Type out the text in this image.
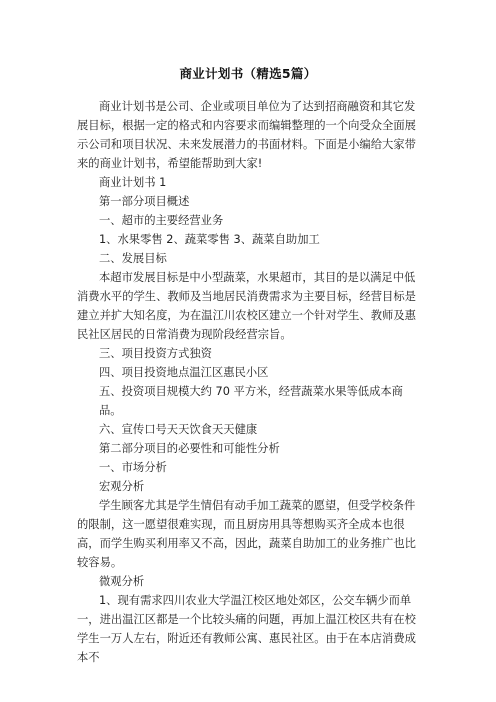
商业计划书（精选5篇）

商业计划书是公司、企业或项目单位为了达到招商融资和其它发展目标，根据一定的格式和内容要求而编辑整理的一个向受众全面展示公司和项目状况、未来发展潜力的书面材料。下面是小编给大家带来的商业计划书，希望能帮助到大家!

商业计划书 1

第一部分项目概述

一、超市的主要经营业务

1、水果零售 2、蔬菜零售 3、蔬菜自助加工

二、发展目标

本超市发展目标是中小型蔬菜，水果超市，其目的是以满足中低消费水平的学生、教师及当地居民消费需求为主要目标，经营目标是建立并扩大知名度，为在温江川农校区建立一个针对学生、教师及惠民社区居民的日常消费为现阶段经营宗旨。

三、项目投资方式独资

四、项目投资地点温江区惠民小区

五、投资项目规模大约 70 平方米，经营蔬菜水果等低成本商品。

六、宣传口号天天饮食天天健康

第二部分项目的必要性和可能性分析

一、市场分析

宏观分析

学生顾客尤其是学生情侣有动手加工蔬菜的愿望，但受学校条件的限制，这一愿望很难实现，而且厨房用具等想购买齐全成本也很高，而学生购买利用率又不高，因此，蔬菜自助加工的业务推广也比较容易。

微观分析

1、现有需求四川农业大学温江校区地处郊区，公交车辆少而单一，进出温江区都是一个比较头痛的问题，再加上温江校区共有在校学生一万人左右，附近还有教师公寓、惠民社区。由于在本店消费成本不
